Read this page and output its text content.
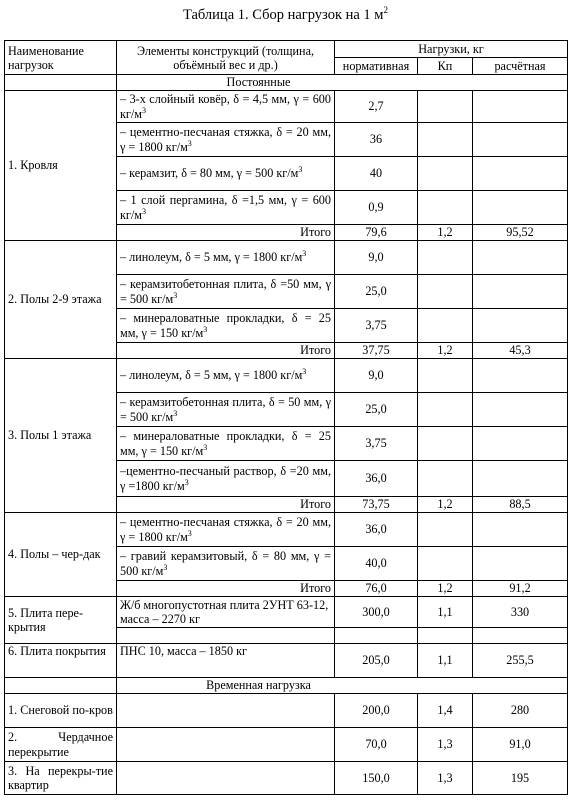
Таблица 1. Сбор нагрузок на 1 $м^2$
Наименование нагрузок	Элементы конструкций (толщина, объёмный вес и др.)	Нагрузки, кг		
		нормативная	Кп	расчётная
	Постоянные			
1. Кровля	– 3-х слойный ковёр, δ = 4,5 мм, γ = 600 $кг/м^3$	2,7		
	– цементно-песчаная стяжка, δ = 20 мм, γ = 1800 $кг/м^3$	36		
	– керамзит, δ = 80 мм, γ = 500 $кг/м^3$	40		
	– 1 слой пергамина, δ =1,5 мм, γ = 600 $кг/м^3$	0,9		
	Итого	79,6	1,2	95,52
2. Полы 2-9 этажа	– линолеум, δ = 5 мм, γ = 1800 $кг/м^3$	9,0		
	– керамзитобетонная плита, δ =50 мм, γ = 500 $кг/м^3$	25,0		
	– минераловатные прокладки, δ = 25 мм, γ = 150 $кг/м^3$	3,75		
	Итого	37,75	1,2	45,3
3. Полы 1 этажа	– линолеум, δ = 5 мм, γ = 1800 $кг/м^3$	9,0		
	– керамзитобетонная плита, δ = 50 мм, γ = 500 $кг/м^3$	25,0		
	– минераловатные прокладки, δ = 25 мм, γ = 150 $кг/м^3$	3,75		
	–цементно-песчаный раствор, δ =20 мм, γ =1800 $кг/м^3$	36,0		
	Итого	73,75	1,2	88,5
4. Полы – чер-дак	– цементно-песчаная стяжка, δ = 20 мм, γ = 1800 $кг/м^3$	36,0		
	– гравий керамзитовый, δ = 80 мм, γ = 500 $кг/м^3$	40,0		
	Итого	76,0	1,2	91,2
5. Плита пере-крытия	Ж/б многопустотная плита 2УНТ 63-12, масса – 2270 кг	300,0	1,1	330

6. Плита покрытия	ПНС 10, масса – 1850 кг	205,0	1,1	255,5
	Временная нагрузка			
1. Снеговой по-кров		200,0	1,4	280
2. Чердачное перекрытие		70,0	1,3	91,0
3. На перекры-тие квартир		150,0	1,3	195
